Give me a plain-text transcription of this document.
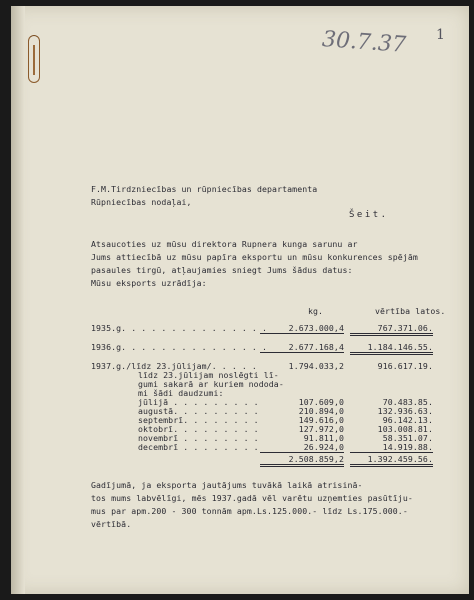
30.7.37 1
F.M.Tirdzniecības un rūpniecības departamenta
Rūpniecības nodaļai,
Šeit.
Atsaucoties uz mūsu direktora Rupnera kunga sarunu ar
Jums attiecībā uz mūsu papīra eksportu un mūsu konkurences spējām
pasaules tirgū, atļaujamies sniegt Jums šādus datus:
Mūsu eksports uzrādīja:
kg.	vērtība latos.
1935.g. . . . . . . . . . . . . . .	2.673.000,4	767.371.06.
1936.g. . . . . . . . . . . . . . .	2.677.168,4	1.184.146.55.
1937.g./līdz 23.jūlijam/. . . . .	1.794.033,2	916.617.19.
līdz 23.jūlijam noslēgti lī-
gumi sakarā ar kuriem nododa-
mi šādi daudzumi:
jūlijā . . . . . . . . .	107.609,0	70.483.85.
augustā. . . . . . . . .	210.894,0	132.936.63.
septembrī. . . . . . . .	149.616,0	96.142.13.
oktobrī. . . . . . . . .	127.972,0	103.008.81.
novembrī . . . . . . . .	91.811,0	58.351.07.
decembrī . . . . . . . .	26.924,0	14.919.88.
2.508.859,2	1.392.459.56.
Gadījumā, ja eksporta jautājums tuvākā laikā atrisinā-
tos mums labvēlīgi, mēs 1937.gadā vēl varētu uzņemties pasūtīju-
mus par apm.200 - 300 tonnām apm.Ls.125.000.- līdz Ls.175.000.-
vērtībā.
